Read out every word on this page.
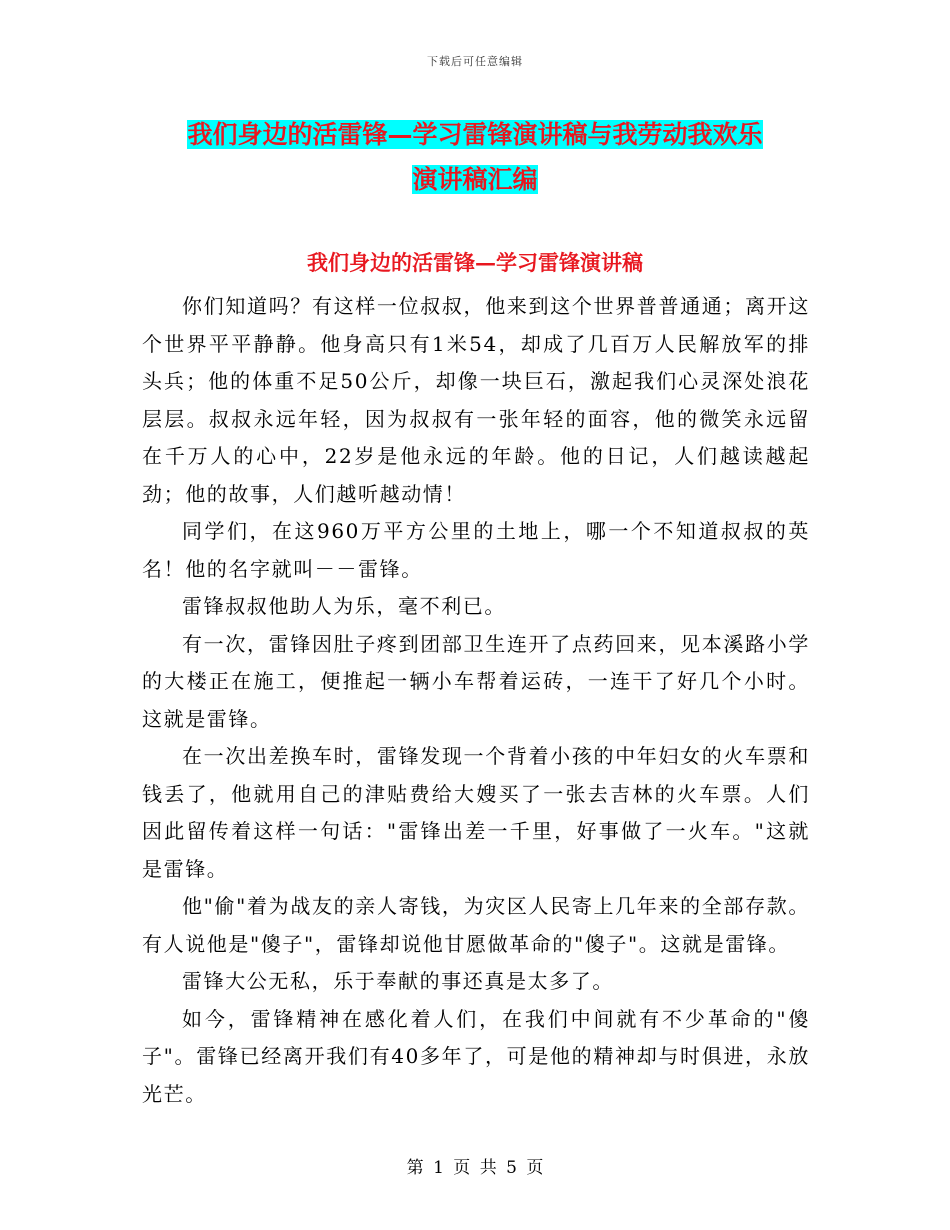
下载后可任意编辑
我们身边的活雷锋—学习雷锋演讲稿与我劳动我欢乐
演讲稿汇编
我们身边的活雷锋—学习雷锋演讲稿

你们知道吗？有这样一位叔叔，他来到这个世界普普通通；离开这个世界平平静静。他身高只有1米54，却成了几百万人民解放军的排头兵；他的体重不足50公斤，却像一块巨石，激起我们心灵深处浪花层层。叔叔永远年轻，因为叔叔有一张年轻的面容，他的微笑永远留在千万人的心中，22岁是他永远的年龄。他的日记，人们越读越起劲；他的故事，人们越听越动情！

同学们，在这960万平方公里的土地上，哪一个不知道叔叔的英名！他的名字就叫－－雷锋。

雷锋叔叔他助人为乐，毫不利已。

有一次，雷锋因肚子疼到团部卫生连开了点药回来，见本溪路小学的大楼正在施工，便推起一辆小车帮着运砖，一连干了好几个小时。这就是雷锋。

在一次出差换车时，雷锋发现一个背着小孩的中年妇女的火车票和钱丢了，他就用自己的津贴费给大嫂买了一张去吉林的火车票。人们因此留传着这样一句话："雷锋出差一千里，好事做了一火车。"这就是雷锋。

他"偷"着为战友的亲人寄钱，为灾区人民寄上几年来的全部存款。有人说他是"傻子"，雷锋却说他甘愿做革命的"傻子"。这就是雷锋。

雷锋大公无私，乐于奉献的事还真是太多了。

如今，雷锋精神在感化着人们，在我们中间就有不少革命的"傻子"。雷锋已经离开我们有40多年了，可是他的精神却与时俱进，永放光芒。

第 1 页 共 5 页
